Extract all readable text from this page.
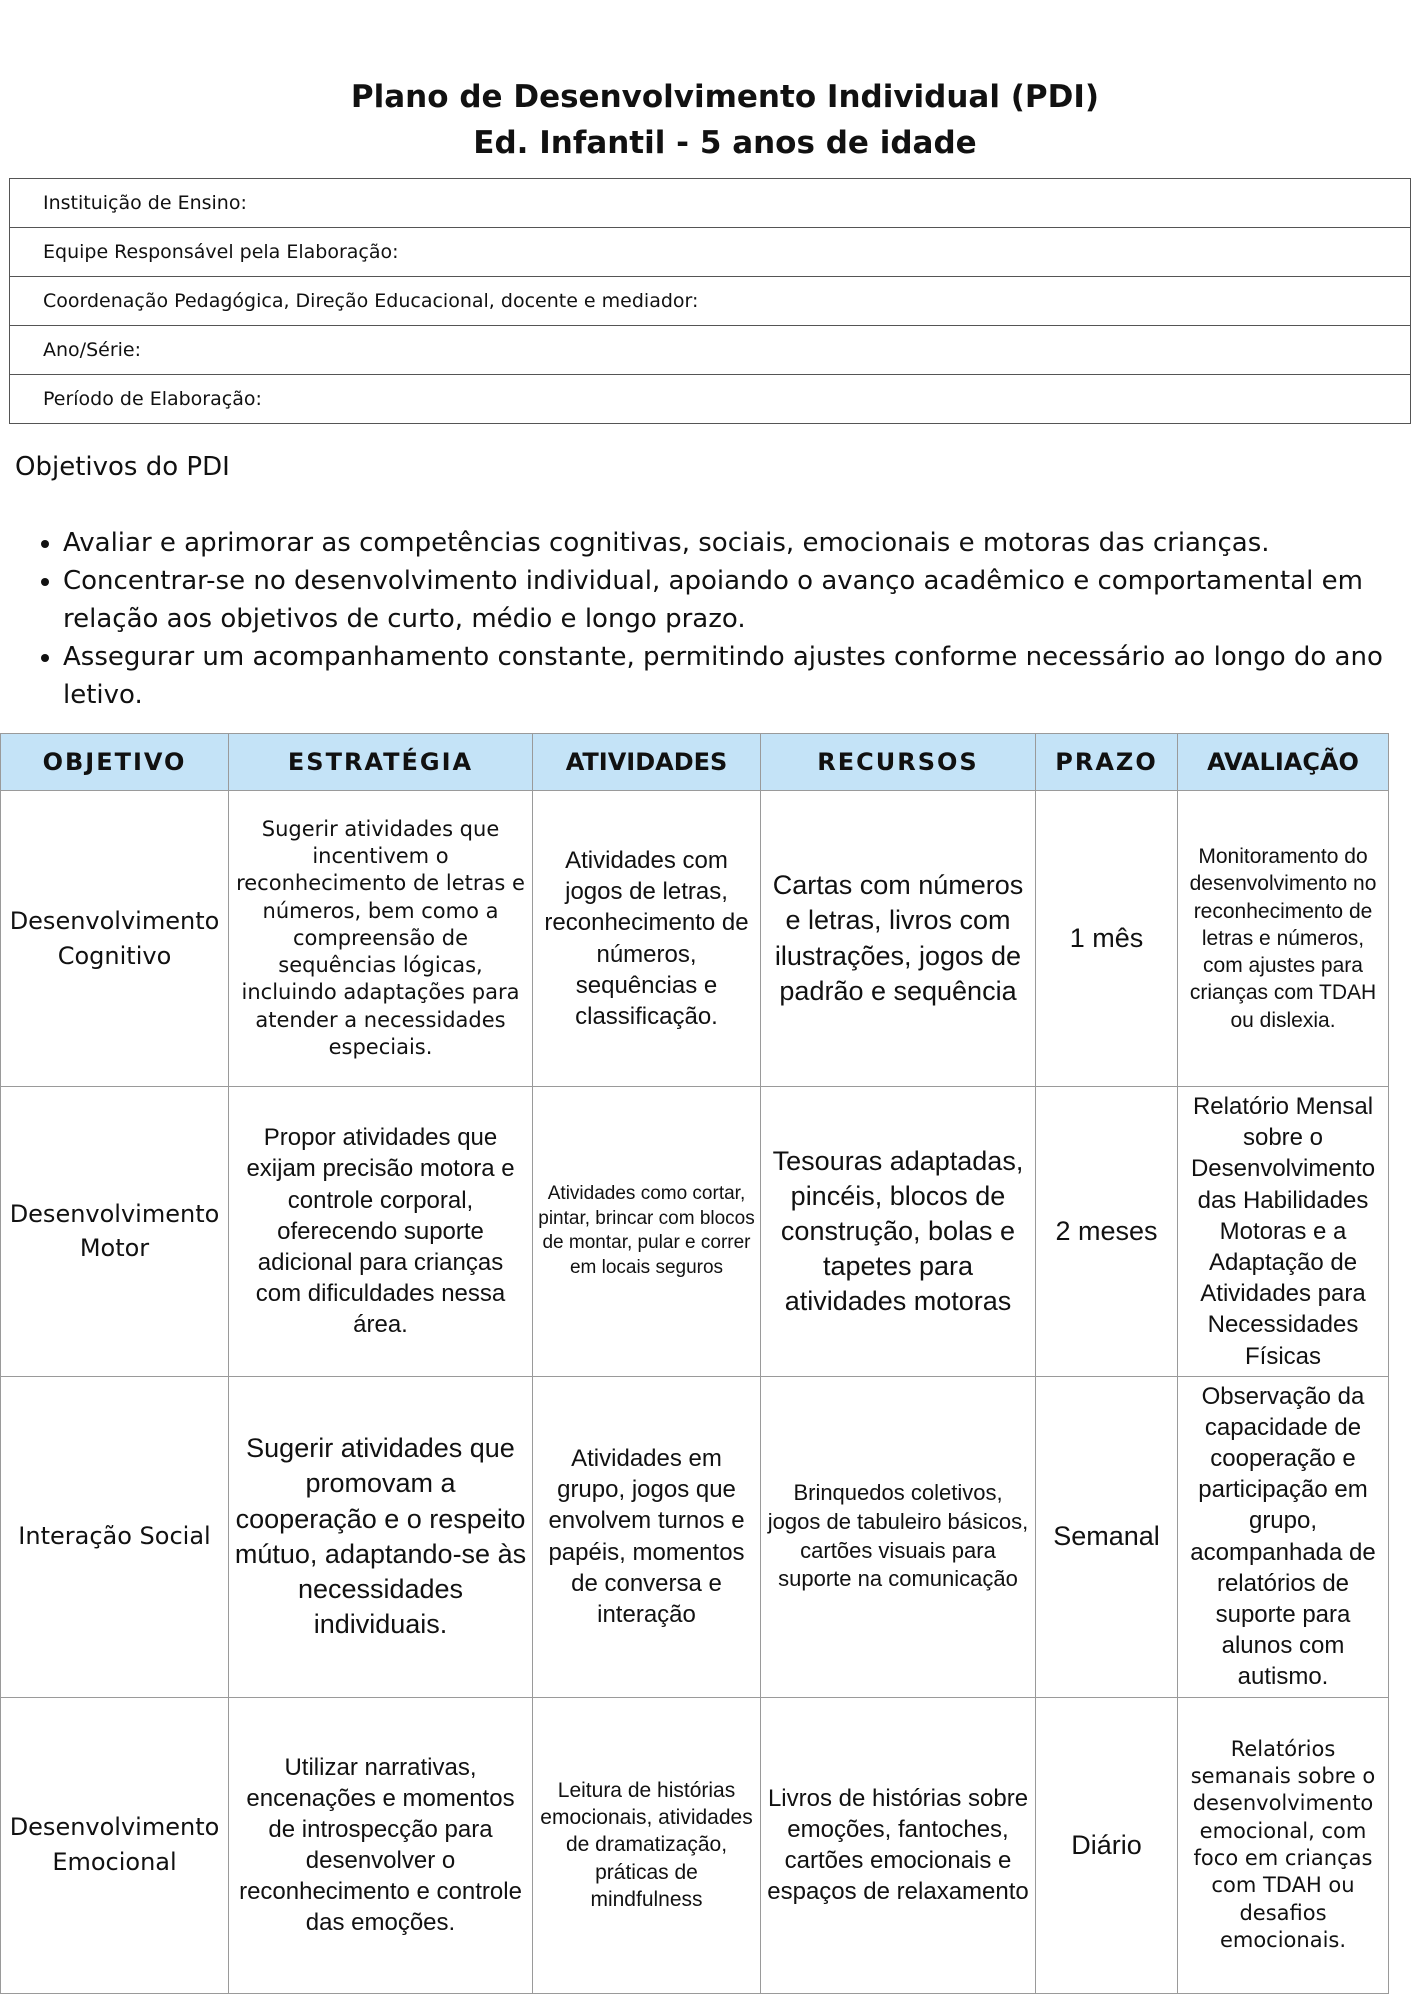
Plano de Desenvolvimento Individual (PDI)
Ed. Infantil - 5 anos de idade
Instituição de Ensino:
Equipe Responsável pela Elaboração:
Coordenação Pedagógica, Direção Educacional, docente e mediador:
Ano/Série:
Período de Elaboração:
Objetivos do PDI
• Avaliar e aprimorar as competências cognitivas, sociais, emocionais e motoras das crianças.
• Concentrar-se no desenvolvimento individual, apoiando o avanço acadêmico e comportamental em relação aos objetivos de curto, médio e longo prazo.
• Assegurar um acompanhamento constante, permitindo ajustes conforme necessário ao longo do ano letivo.
OBJETIVO	ESTRATÉGIA	ATIVIDADES	RECURSOS	PRAZO	AVALIAÇÃO
Desenvolvimento Cognitivo	Sugerir atividades que incentivem o reconhecimento de letras e números, bem como a compreensão de sequências lógicas, incluindo adaptações para atender a necessidades especiais.	Atividades com jogos de letras, reconhecimento de números, sequências e classificação.	Cartas com números e letras, livros com ilustrações, jogos de padrão e sequência	1 mês	Monitoramento do desenvolvimento no reconhecimento de letras e números, com ajustes para crianças com TDAH ou dislexia.
Desenvolvimento Motor	Propor atividades que exijam precisão motora e controle corporal, oferecendo suporte adicional para crianças com dificuldades nessa área.	Atividades como cortar, pintar, brincar com blocos de montar, pular e correr em locais seguros	Tesouras adaptadas, pincéis, blocos de construção, bolas e tapetes para atividades motoras	2 meses	Relatório Mensal sobre o Desenvolvimento das Habilidades Motoras e a Adaptação de Atividades para Necessidades Físicas
Interação Social	Sugerir atividades que promovam a cooperação e o respeito mútuo, adaptando-se às necessidades individuais.	Atividades em grupo, jogos que envolvem turnos e papéis, momentos de conversa e interação	Brinquedos coletivos, jogos de tabuleiro básicos, cartões visuais para suporte na comunicação	Semanal	Observação da capacidade de cooperação e participação em grupo, acompanhada de relatórios de suporte para alunos com autismo.
Desenvolvimento Emocional	Utilizar narrativas, encenações e momentos de introspecção para desenvolver o reconhecimento e controle das emoções.	Leitura de histórias emocionais, atividades de dramatização, práticas de mindfulness	Livros de histórias sobre emoções, fantoches, cartões emocionais e espaços de relaxamento	Diário	Relatórios semanais sobre o desenvolvimento emocional, com foco em crianças com TDAH ou desafios emocionais.
